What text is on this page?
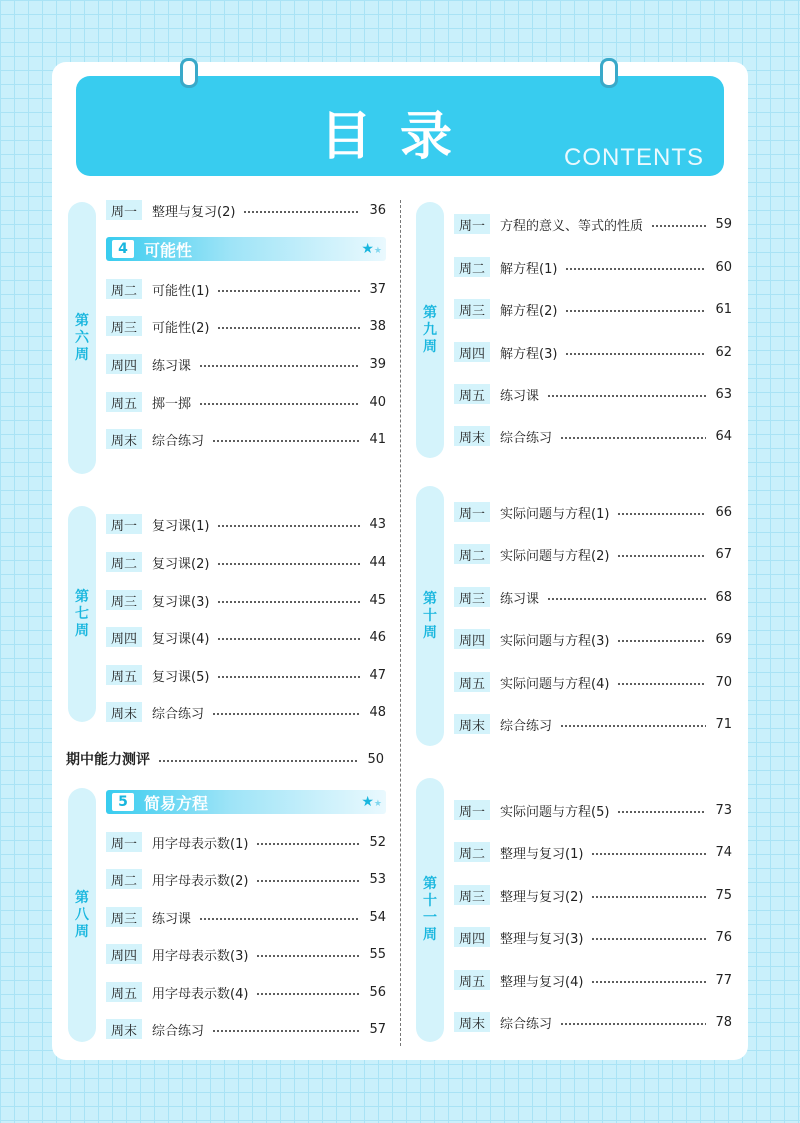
目录	CONTENTS
第六周
周一	整理与复习(2)	36
4	可能性	★★
周二	可能性(1)	37
周三	可能性(2)	38
周四	练习课	39
周五	掷一掷	40
周末	综合练习	41
第七周
周一	复习课(1)	43
周二	复习课(2)	44
周三	复习课(3)	45
周四	复习课(4)	46
周五	复习课(5)	47
周末	综合练习	48
期中能力测评	50
第八周
5	简易方程	★★
周一	用字母表示数(1)	52
周二	用字母表示数(2)	53
周三	练习课	54
周四	用字母表示数(3)	55
周五	用字母表示数(4)	56
周末	综合练习	57
第九周
周一	方程的意义、等式的性质	59
周二	解方程(1)	60
周三	解方程(2)	61
周四	解方程(3)	62
周五	练习课	63
周末	综合练习	64
第十周
周一	实际问题与方程(1)	66
周二	实际问题与方程(2)	67
周三	练习课	68
周四	实际问题与方程(3)	69
周五	实际问题与方程(4)	70
周末	综合练习	71
第十一周
周一	实际问题与方程(5)	73
周二	整理与复习(1)	74
周三	整理与复习(2)	75
周四	整理与复习(3)	76
周五	整理与复习(4)	77
周末	综合练习	78
